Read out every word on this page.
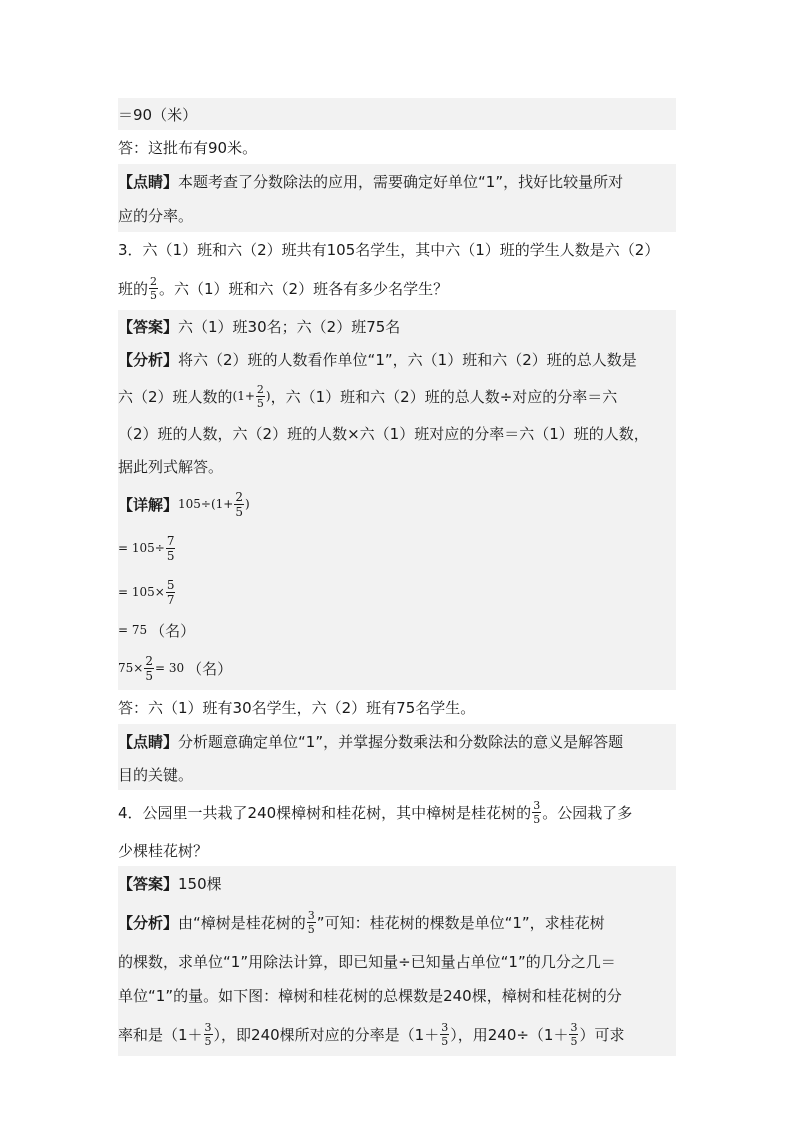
＝90（米）
答：这批布有90米。
【点睛】 本题考查了分数除法的应用，需要确定好单位“1”，找好比较量所对
应的分率。
3．六（1）班和六（2）班共有105名学生，其中六（1）班的学生人数是六（2）
班的 $\frac{2}{5}$ 。六（1）班和六（2）班各有多少名学生？
【答案】 六（1）班30名；六（2）班75名
【分析】 将六（2）班的人数看作单位“1”，六（1）班和六（2）班的总人数是
六（2）班人数的 ($1+ \frac{2}{5}$ ) ，六（1）班和六（2）班的总人数÷对应的分率＝六
（2）班的人数，六（2）班的人数×六（1）班对应的分率＝六（1）班的人数，
据此列式解答。
【详解】 $105\div(1+ \frac{2}{5}$ )
= $105\div \frac{7}{5}$
= $105\times \frac{5}{7}$
= 75 （名）
$75\times \frac{2}{5} = 30$ （名）
答：六（1）班有30名学生，六（2）班有75名学生。
【点睛】 分析题意确定单位“1”，并掌握分数乘法和分数除法的意义是解答题
目的关键。
4．公园里一共栽了240棵樟树和桂花树，其中樟树是桂花树的 $\frac{3}{5}$ 。公园栽了多
少棵桂花树？
【答案】 150棵
【分析】 由“樟树是桂花树的 $\frac{3}{5}$ ”可知：桂花树的棵数是单位“1”，求桂花树
的棵数，求单位“1”用除法计算，即已知量÷已知量占单位“1”的几分之几＝
单位“1”的量。如下图：樟树和桂花树的总棵数是240棵，樟树和桂花树的分
率和是（$1+ \frac{3}{5}$ ），即240棵所对应的分率是（$1+ \frac{3}{5}$ ），用$240\div(1+ \frac{3}{5}$ ）可求
